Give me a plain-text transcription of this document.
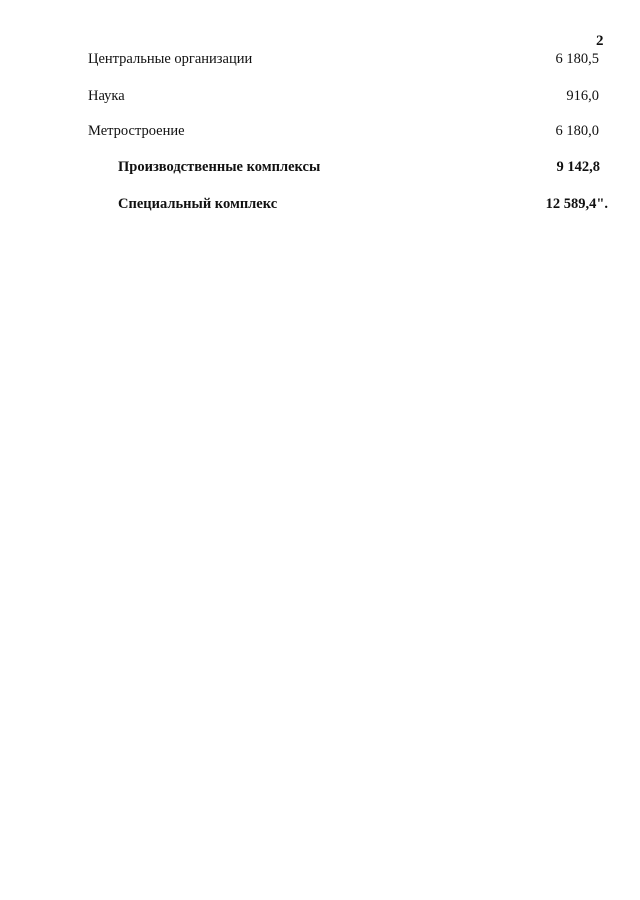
2
Центральные организации	6 180,5
Наука	916,0
Метростроение	6 180,0
Производственные комплексы	9 142,8
Специальный комплекс	12 589,4".
